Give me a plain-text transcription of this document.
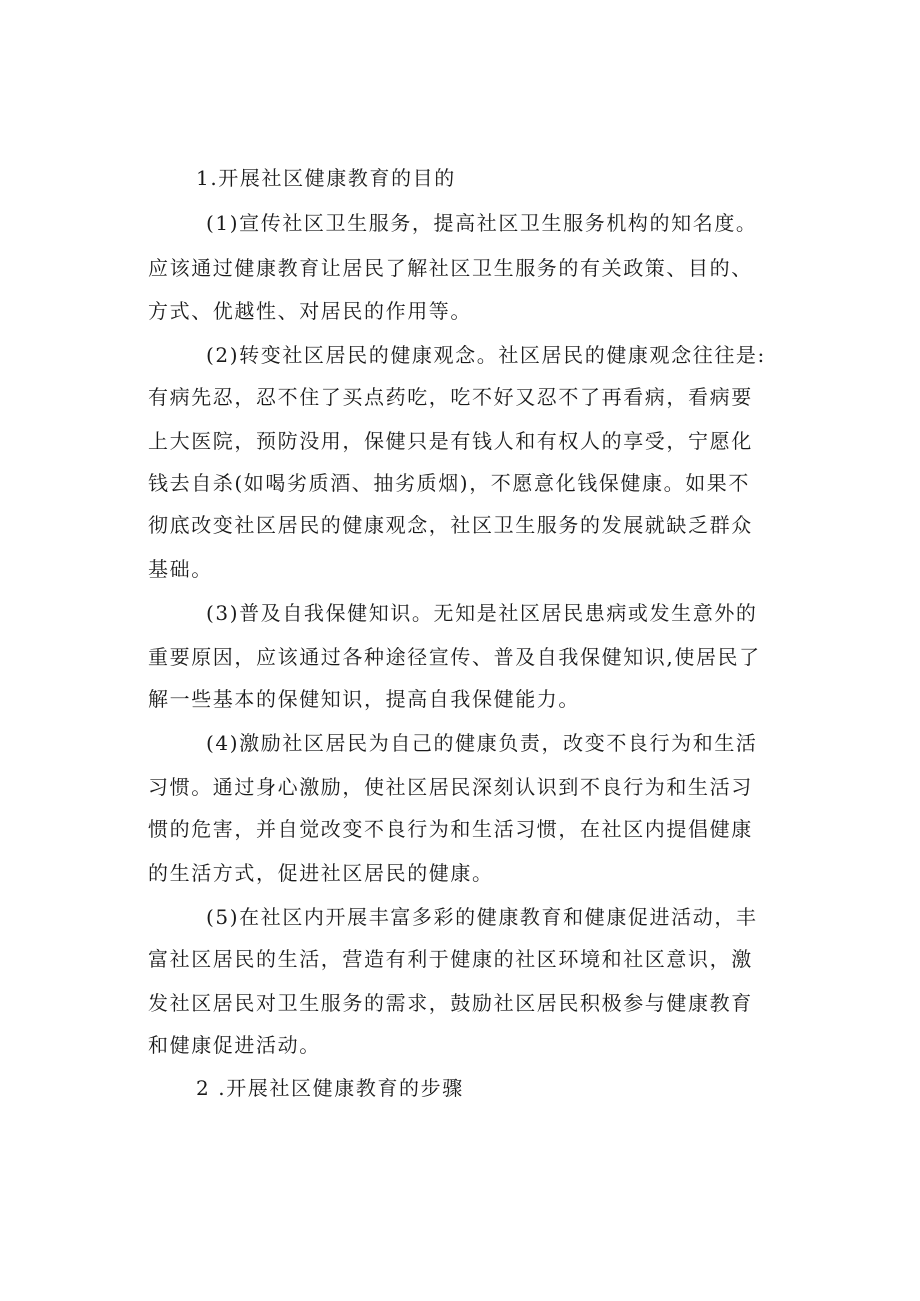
1.开展社区健康教育的目的

(1)宣传社区卫生服务，提高社区卫生服务机构的知名度。

应该通过健康教育让居民了解社区卫生服务的有关政策、目的、

方式、优越性、对居民的作用等。

(2)转变社区居民的健康观念。社区居民的健康观念往往是:

有病先忍，忍不住了买点药吃，吃不好又忍不了再看病，看病要

上大医院，预防没用，保健只是有钱人和有权人的享受，宁愿化

钱去自杀(如喝劣质酒、抽劣质烟)，不愿意化钱保健康。如果不

彻底改变社区居民的健康观念，社区卫生服务的发展就缺乏群众

基础。

(3)普及自我保健知识。无知是社区居民患病或发生意外的

重要原因，应该通过各种途径宣传、普及自我保健知识,使居民了

解一些基本的保健知识，提高自我保健能力。

(4)激励社区居民为自己的健康负责，改变不良行为和生活

习惯。通过身心激励，使社区居民深刻认识到不良行为和生活习

惯的危害，并自觉改变不良行为和生活习惯，在社区内提倡健康

的生活方式，促进社区居民的健康。

(5)在社区内开展丰富多彩的健康教育和健康促进活动，丰

富社区居民的生活，营造有利于健康的社区环境和社区意识，激

发社区居民对卫生服务的需求，鼓励社区居民积极参与健康教育

和健康促进活动。

2 .开展社区健康教育的步骤
